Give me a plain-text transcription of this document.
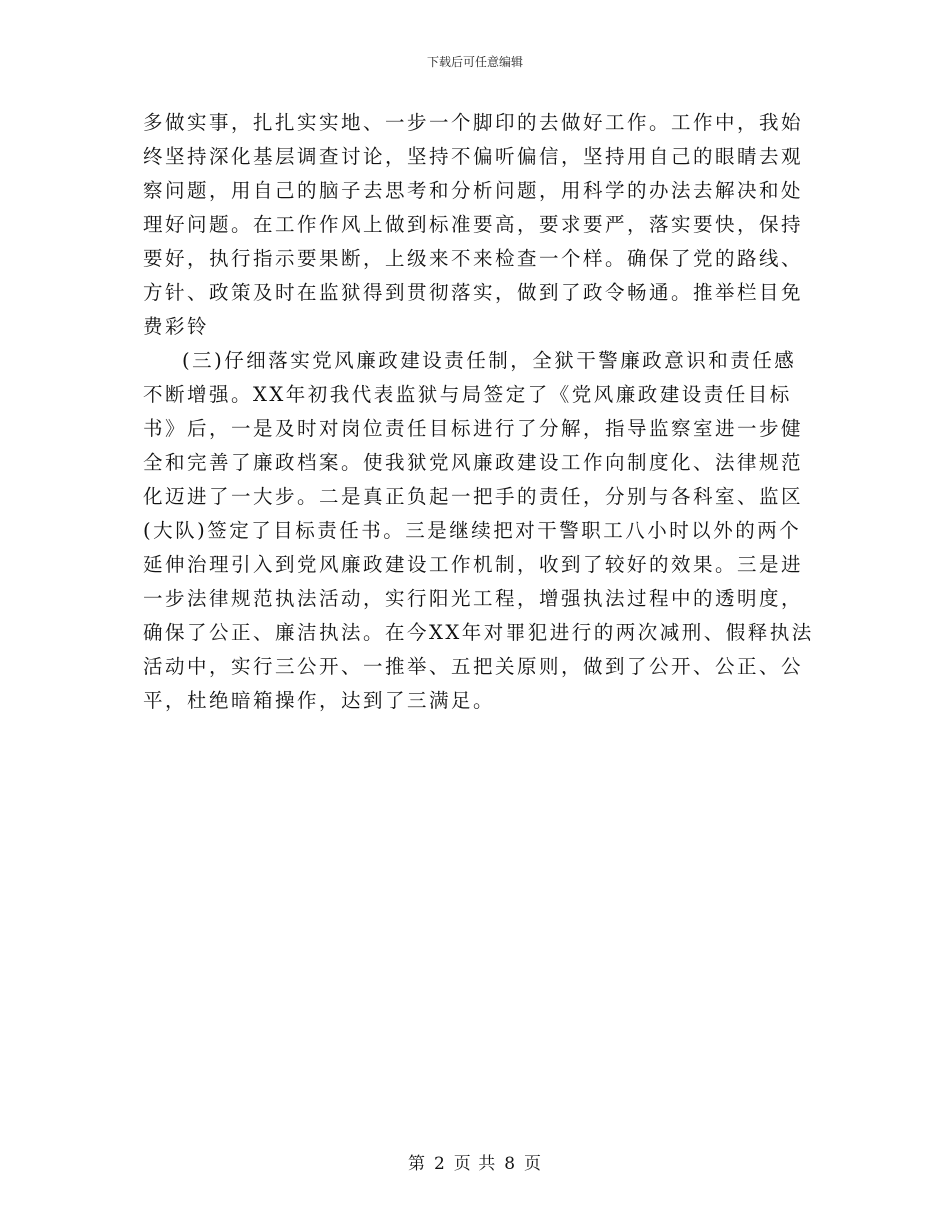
下载后可任意编辑

多做实事，扎扎实实地、一步一个脚印的去做好工作。工作中，我始
终坚持深化基层调查讨论，坚持不偏听偏信，坚持用自己的眼睛去观
察问题，用自己的脑子去思考和分析问题，用科学的办法去解决和处
理好问题。在工作作风上做到标准要高，要求要严，落实要快，保持
要好，执行指示要果断，上级来不来检查一个样。确保了党的路线、
方针、政策及时在监狱得到贯彻落实，做到了政令畅通。推举栏目免
费彩铃

(三)仔细落实党风廉政建设责任制，全狱干警廉政意识和责任感
不断增强。XX年初我代表监狱与局签定了《党风廉政建设责任目标
书》后，一是及时对岗位责任目标进行了分解，指导监察室进一步健
全和完善了廉政档案。使我狱党风廉政建设工作向制度化、法律规范
化迈进了一大步。二是真正负起一把手的责任，分别与各科室、监区
(大队)签定了目标责任书。三是继续把对干警职工八小时以外的两个
延伸治理引入到党风廉政建设工作机制，收到了较好的效果。三是进
一步法律规范执法活动，实行阳光工程，增强执法过程中的透明度，
确保了公正、廉洁执法。在今XX年对罪犯进行的两次减刑、假释执法
活动中，实行三公开、一推举、五把关原则，做到了公开、公正、公
平，杜绝暗箱操作，达到了三满足。

第 2 页 共 8 页
